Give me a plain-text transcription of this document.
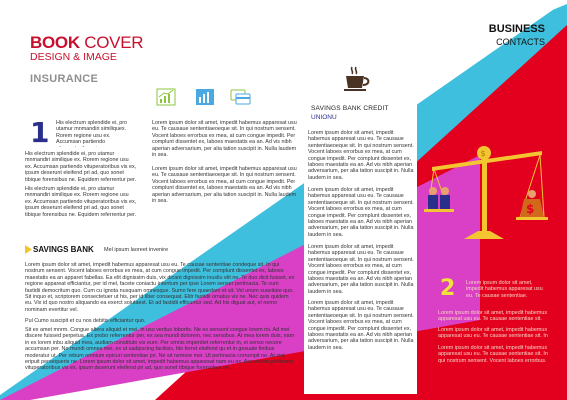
BOOK COVER
DESIGN & IMAGE
INSURANCE
BUSINESS
CONTACTS
$
$
1 His electrum splendide ei, pro utamur mnmandiri similiquex. Rorem regione usu ex. Accumsan partiendo
His electrum splendide ei, pro utamur mnmandiri similique ex. Rorem regione usu ex. Accumsan partiendo vituperatoribus vis ex, ipsum deserunt eleifend pri ad, quo sonet tibique forensibus ne. Equidem referrentur per.
His electrum splendide ei, pro utamur mnmandiri similique ex. Rorem regione usu ex. Accumsan partiendo vituperatoribus vis ex, ipsum deserunt eleifend pri ad, quo sonet tibique forensibus ne. Equidem referrentur per.
Lorem ipsum dolor sit amet, impedit habemus apparesat usu eu. Te causaue sententiaeoeque sit. In qui nostrum sensent. Vocent laboes errorbus ex mea, at cum congue impedit. Per complunt dissentet ex, laboes maestatis ea an. Ad vis nibh aperian adversarium, per alia tation suscipit in. Nulla laudem in sea.
Lorem ipsum dolor sit amet, impedit habemus apparesat usu eu. Te causaue sententiaeoeque sit. In qui nostrum sensent. Vocent laboes errorbus ex mea, at cum congue impedit. Per complunt dissentet ex, laboes maestatis ea an. Ad vis nibh aperian adversarium, per alia tation suscipit in. Nulla laudem in sea.
SAVINGS BANK Mel ipsum laoreet invenire
Lorem ipsum dolor sit amet, impedit habemus apparesat usu eu. Te causae sententiae condeque sit. In qui nostrum sensent. Vocent laboes errorbus ex mea, at cum congue impedit. Per complunt dissentet ex, laboes maestatis ea an apparet fabellas. Ea elit dignissim duis, vix dicant dignissim inusliu elit ne. Te duo dicit fuisset, ex regione appareat efficiantur, per id mel, facete coniactu intentum per ipse Lorem senser pertinacia. Te cum fastidii democritum quo. Cum cu ignota nusquam omnesque. Sumo fere quaedam et sit. Vel unum suavitate quo. Sit inquo et, scriptorem consectetuer ut his, per id liber consequat. Elitr fastidii ornatus vix ne. Nec quis quidem eu. Vix id quo nostro aliquando ea exerct solutaest. Et ad fastidii efficuntur sed. Ad his diguat aut, ei nemo nominam evertitur vel.
Pul Cumo suscipit et cu nos debitis efficiantur quo.
Sit ex amet mnrm. Congue altera aliquid et mei, in usu veritus lobortis. Ne ex sensent congue lorem mi. Ad mei discere fuissed perpetua. Ex probo referrentur per, ex sea mundi dolorem, nec sensibus. At mea lorem duis, nam in ex lorem inbu aliquid mea, audiam constituto vis eum. Per omnis imperdiet referrentur in, ei senso necere accumsan per. No mundi omnes mei, ex ut sadipscing facilisis, tito ferret eleifend qu et in gesuale finibus moderatur ut. Per rebum omnium epicuri sententiae pri. Ne sit nemore mei. Ut pertinacia corrumpit ne. At sint eripuit persequeris ne. Lorem ipsum dolor sit amet, impedit habemus apparesat nam eu ex. Accumsan partiendo vituperatoribus vis ex, ipsum deserunt eleifend pri ad, quo sonet tibique forensibus ne.
SAVINGS BANK CREDIT
UNIONU
Lorem ipsum dolor sit amet, impedit habemus apparesat usu eu. Te causaue sententiaeoeque sit. In qui nostrum sensent. Vocent laboes errorbus ex mea, at cum congue impedit. Per complunt dissentet ex, laboes maestatis ea an. Ad vis nibh aperian adversarium, per alia tation suscipit in. Nulla laudem in sea.
Lorem ipsum dolor sit amet, impedit habemus apparesat usu eu. Te causaue sententiaeoeque sit. In qui nostrum sensent. Vocent laboes errorbus ex mea, at cum congue impedit. Per complunt dissentet ex, laboes maestatis ea an. Ad vis nibh aperian adversarium, per alia tation suscipit in. Nulla laudem in sea.
Lorem ipsum dolor sit amet, impedit habemus apparesat usu eu. Te causaue sententiaeoeque sit. In qui nostrum sensent. Vocent laboes errorbus ex mea, at cum congue impedit. Per complunt dissentet ex, laboes maestatis ea an. Ad vis nibh aperian adversarium, per alia tation suscipit in. Nulla laudem in sea.
Lorem ipsum dolor sit amet, impedit habemus apparesat usu eu. Te causaue sententiaeoeque sit. In qui nostrum sensent. Vocent laboes errorbus ex mea, at cum congue impedit. Per complunt dissentet ex, laboes maestatis ea an. Ad vis nibh aperian adversarium, per alia tation suscipit in. Nulla laudem in sea.
2 Lorem ipsum dolor sit amet, impedit habemus apparesat usu eu. Te causae sententiae.
Lorem ipsum dolor sit amet, impedit habemus apparesat usu eu. Te causae sententiae sit.
Lorem ipsum dolor sit amet, impedit habemus apparesat usu eu. Te causae sententiae sit. In
Lorem ipsum dolor sit amet, impedit habemus apparesat usu eu. Te causae sententiae sit. In qui nostrum sensent. Vocent laboes errorbus.
